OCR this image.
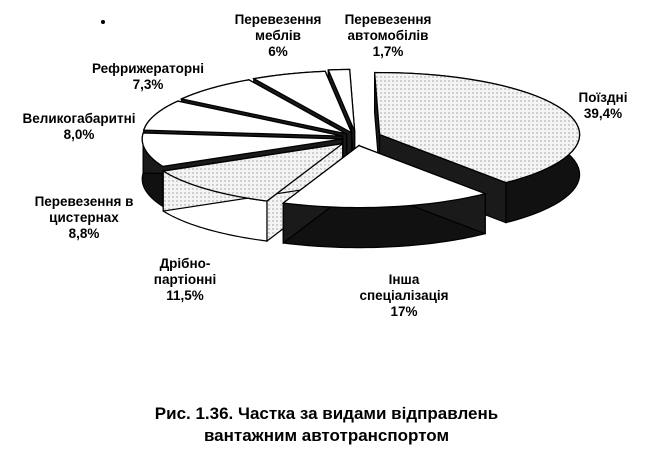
Поїздні
39,4%
Інша
спеціалізація
17%
Дрібно-
партіонні
11,5%
Перевезення в
цистернах
8,8%
Великогабаритні
8,0%
Рефрижераторні
7,3%
Перевезення
меблів
6%
Перевезення
автомобілів
1,7%
Рис. 1.36. Частка за видами відправлень
вантажним автотранспортом
